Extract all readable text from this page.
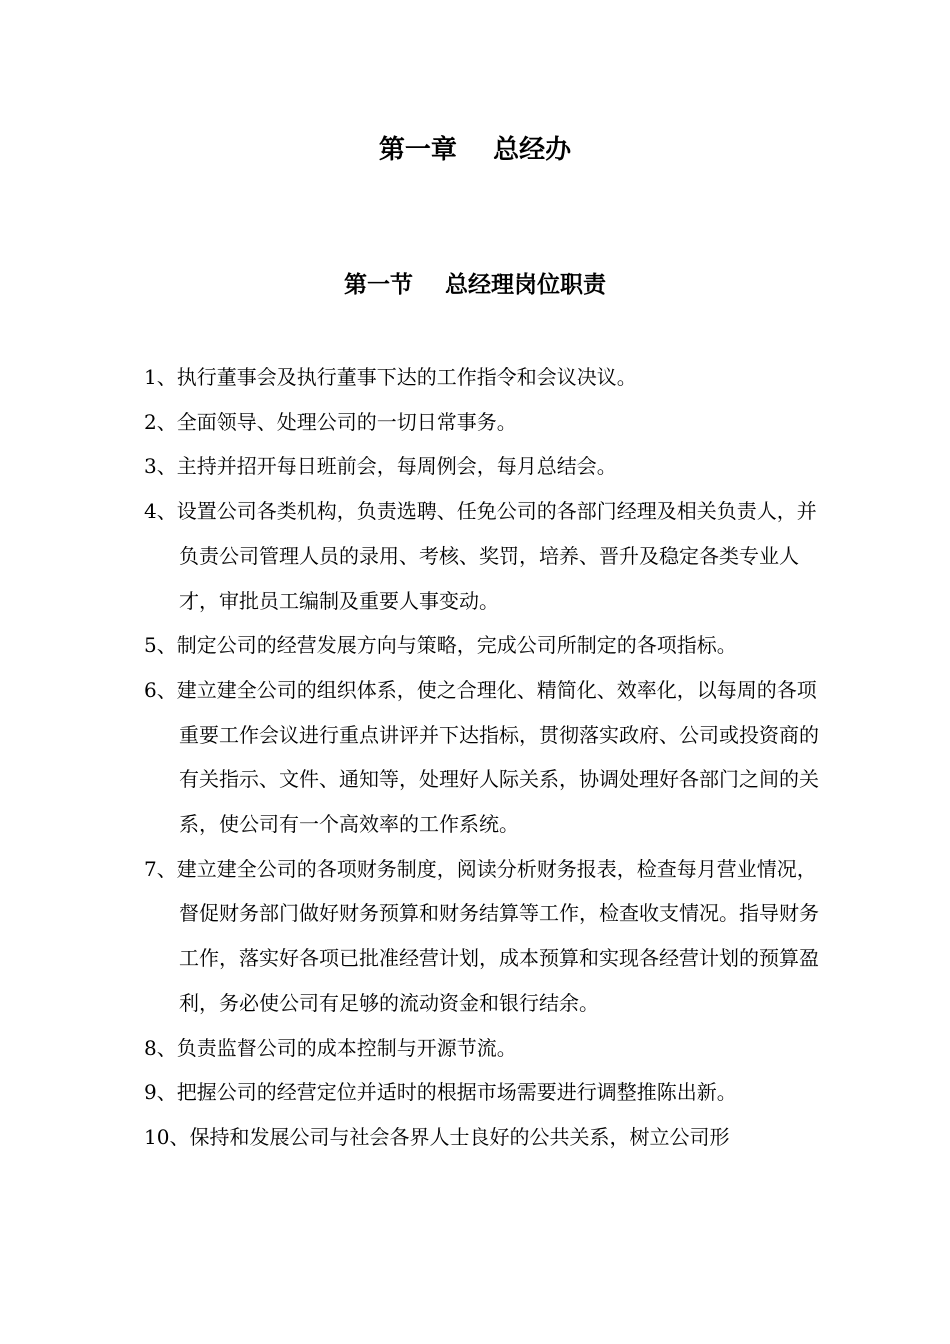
第一章    总经办
第一节    总经理岗位职责
1、执行董事会及执行董事下达的工作指令和会议决议。
2、全面领导、处理公司的一切日常事务。
3、主持并招开每日班前会，每周例会，每月总结会。
4、设置公司各类机构，负责选聘、任免公司的各部门经理及相关负责人，并负责公司管理人员的录用、考核、奖罚，培养、晋升及稳定各类专业人才，审批员工编制及重要人事变动。
5、制定公司的经营发展方向与策略，完成公司所制定的各项指标。
6、建立建全公司的组织体系，使之合理化、精简化、效率化，以每周的各项重要工作会议进行重点讲评并下达指标，贯彻落实政府、公司或投资商的有关指示、文件、通知等，处理好人际关系，协调处理好各部门之间的关系，使公司有一个高效率的工作系统。
7、建立建全公司的各项财务制度，阅读分析财务报表，检查每月营业情况，督促财务部门做好财务预算和财务结算等工作，检查收支情况。指导财务工作，落实好各项已批准经营计划，成本预算和实现各经营计划的预算盈利，务必使公司有足够的流动资金和银行结余。
8、负责监督公司的成本控制与开源节流。
9、把握公司的经营定位并适时的根据市场需要进行调整推陈出新。
10、保持和发展公司与社会各界人士良好的公共关系，树立公司形
